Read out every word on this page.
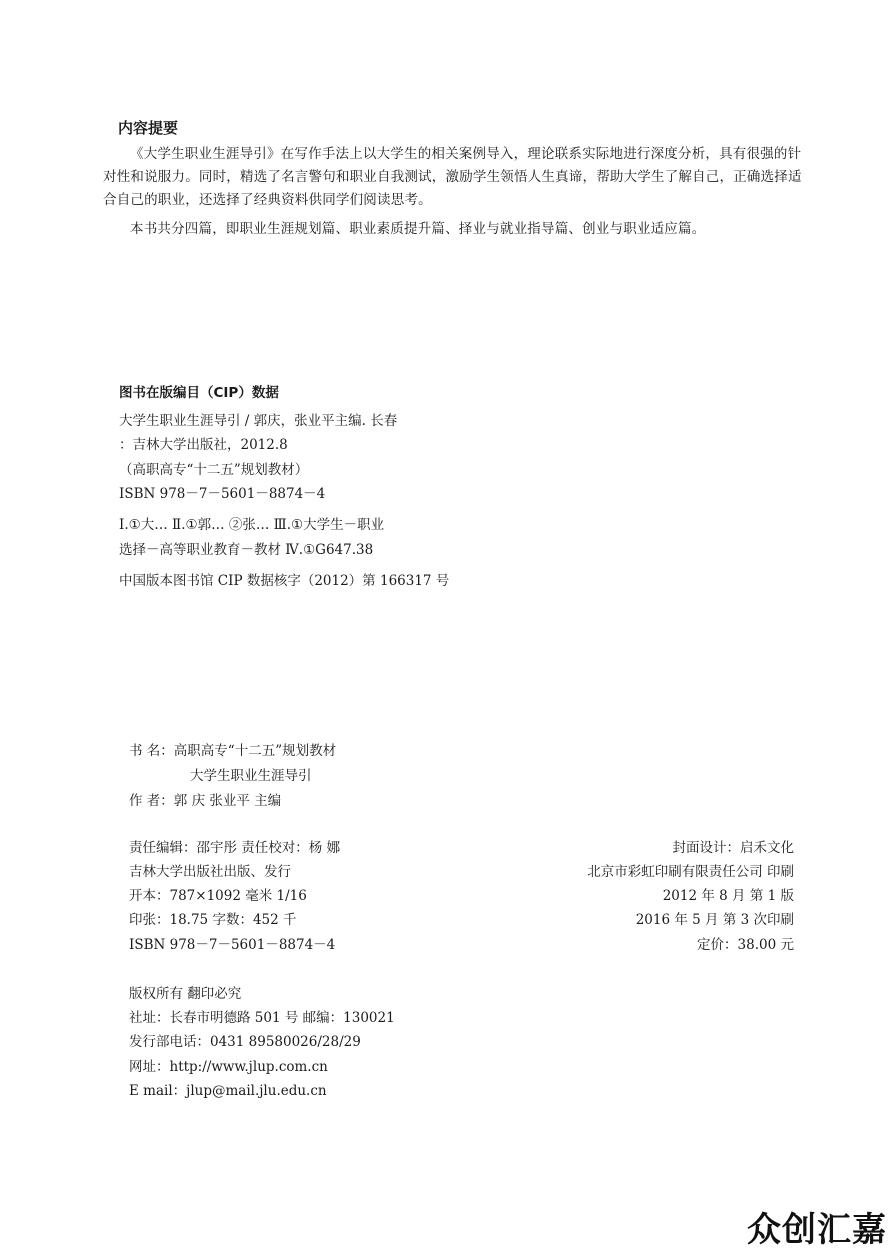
内容提要
《大学生职业生涯导引》在写作手法上以大学生的相关案例导入，理论联系实际地进行深度分析，具有很强的针对性和说服力。同时，精选了名言警句和职业自我测试，激励学生领悟人生真谛，帮助大学生了解自己，正确选择适合自己的职业，还选择了经典资料供同学们阅读思考。
本书共分四篇，即职业生涯规划篇、职业素质提升篇、择业与就业指导篇、创业与职业适应篇。
图书在版编目（CIP）数据
大学生职业生涯导引 / 郭庆，张业平主编. 长春
：吉林大学出版社，2012.8
（高职高专“十二五”规划教材）
ISBN 978－7－5601－8874－4
Ⅰ.①大… Ⅱ.①郭… ②张… Ⅲ.①大学生－职业
选择－高等职业教育－教材 Ⅳ.①G647.38
中国版本图书馆 CIP 数据核字（2012）第 166317 号
书 名：高职高专“十二五”规划教材
大学生职业生涯导引
作 者：郭 庆 张业平 主编
责任编辑：邵宇彤 责任校对：杨 娜	封面设计：启禾文化
吉林大学出版社出版、发行	北京市彩虹印刷有限责任公司 印刷
开本：787×1092 毫米 1/16	2012 年 8 月 第 1 版
印张：18.75 字数：452 千	2016 年 5 月 第 3 次印刷
ISBN 978－7－5601－8874－4	定价：38.00 元
版权所有 翻印必究
社址：长春市明德路 501 号 邮编：130021
发行部电话：0431 89580026/28/29
网址：http://www.jlup.com.cn
E mail：jlup@mail.jlu.edu.cn
众创汇嘉
